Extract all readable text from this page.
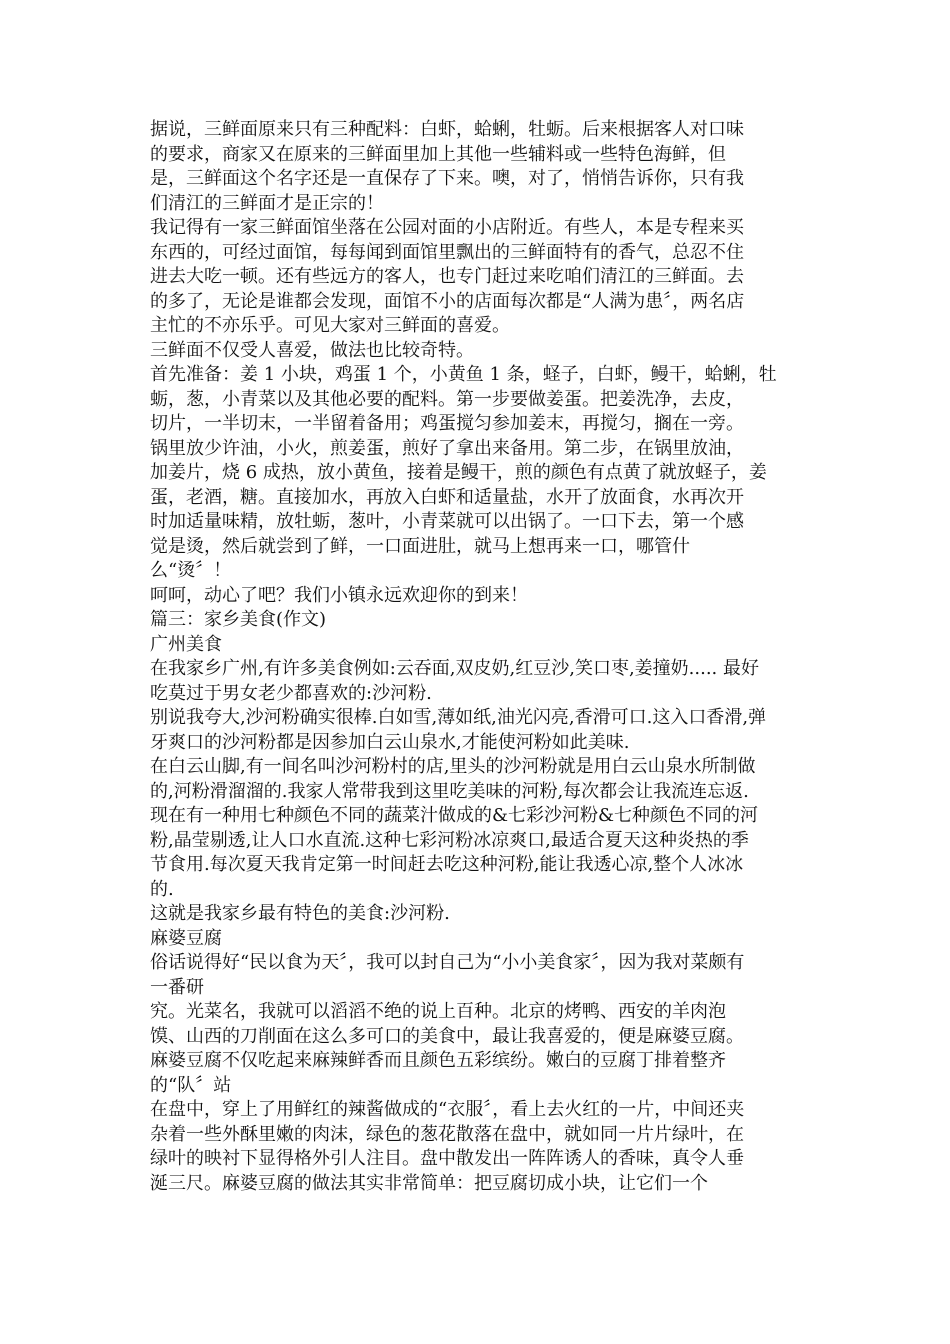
据说，三鲜面原来只有三种配料：白虾，蛤蜊，牡蛎。后来根据客人对口味
的要求，商家又在原来的三鲜面里加上其他一些辅料或一些特色海鲜，但
是，三鲜面这个名字还是一直保存了下来。噢，对了，悄悄告诉你，只有我
们清江的三鲜面才是正宗的！
我记得有一家三鲜面馆坐落在公园对面的小店附近。有些人，本是专程来买
东西的，可经过面馆，每每闻到面馆里飘出的三鲜面特有的香气，总忍不住
进去大吃一顿。还有些远方的客人，也专门赶过来吃咱们清江的三鲜面。去
的多了，无论是谁都会发现，面馆不小的店面每次都是“人满为患〞，两名店
主忙的不亦乐乎。可见大家对三鲜面的喜爱。
三鲜面不仅受人喜爱，做法也比较奇特。
首先准备：姜 1 小块，鸡蛋 1 个，小黄鱼 1 条，蛏子，白虾，鳗干，蛤蜊，牡
蛎，葱，小青菜以及其他必要的配料。第一步要做姜蛋。把姜洗净，去皮，
切片，一半切末，一半留着备用；鸡蛋搅匀参加姜末，再搅匀，搁在一旁。
锅里放少许油，小火，煎姜蛋，煎好了拿出来备用。第二步，在锅里放油，
加姜片，烧 6 成热，放小黄鱼，接着是鳗干，煎的颜色有点黄了就放蛏子，姜
蛋，老酒，糖。直接加水，再放入白虾和适量盐，水开了放面食，水再次开
时加适量味精，放牡蛎，葱叶，小青菜就可以出锅了。一口下去，第一个感
觉是烫，然后就尝到了鲜，一口面进肚，就马上想再来一口，哪管什
么“烫〞！
呵呵，动心了吧？我们小镇永远欢迎你的到来！
篇三：家乡美食(作文)
广州美食
在我家乡广州,有许多美食例如:云吞面,双皮奶,红豆沙,笑口枣,姜撞奶..... 最好
吃莫过于男女老少都喜欢的:沙河粉.
别说我夸大,沙河粉确实很棒.白如雪,薄如纸,油光闪亮,香滑可口.这入口香滑,弹
牙爽口的沙河粉都是因参加白云山泉水,才能使河粉如此美味.
在白云山脚,有一间名叫沙河粉村的店,里头的沙河粉就是用白云山泉水所制做
的,河粉滑溜溜的.我家人常带我到这里吃美味的河粉,每次都会让我流连忘返.
现在有一种用七种颜色不同的蔬菜汁做成的&七彩沙河粉&七种颜色不同的河
粉,晶莹剔透,让人口水直流.这种七彩河粉冰凉爽口,最适合夏天这种炎热的季
节食用.每次夏天我肯定第一时间赶去吃这种河粉,能让我透心凉,整个人冰冰
的.
这就是我家乡最有特色的美食:沙河粉.
麻婆豆腐
俗话说得好“民以食为天〞，我可以封自己为“小小美食家〞，因为我对菜颇有
一番研
究。光菜名，我就可以滔滔不绝的说上百种。北京的烤鸭、西安的羊肉泡
馍、山西的刀削面在这么多可口的美食中，最让我喜爱的，便是麻婆豆腐。
麻婆豆腐不仅吃起来麻辣鲜香而且颜色五彩缤纷。嫩白的豆腐丁排着整齐
的“队〞站
在盘中，穿上了用鲜红的辣酱做成的“衣服〞，看上去火红的一片，中间还夹
杂着一些外酥里嫩的肉沫，绿色的葱花散落在盘中，就如同一片片绿叶，在
绿叶的映衬下显得格外引人注目。盘中散发出一阵阵诱人的香味，真令人垂
涎三尺。麻婆豆腐的做法其实非常简单：把豆腐切成小块，让它们一个
